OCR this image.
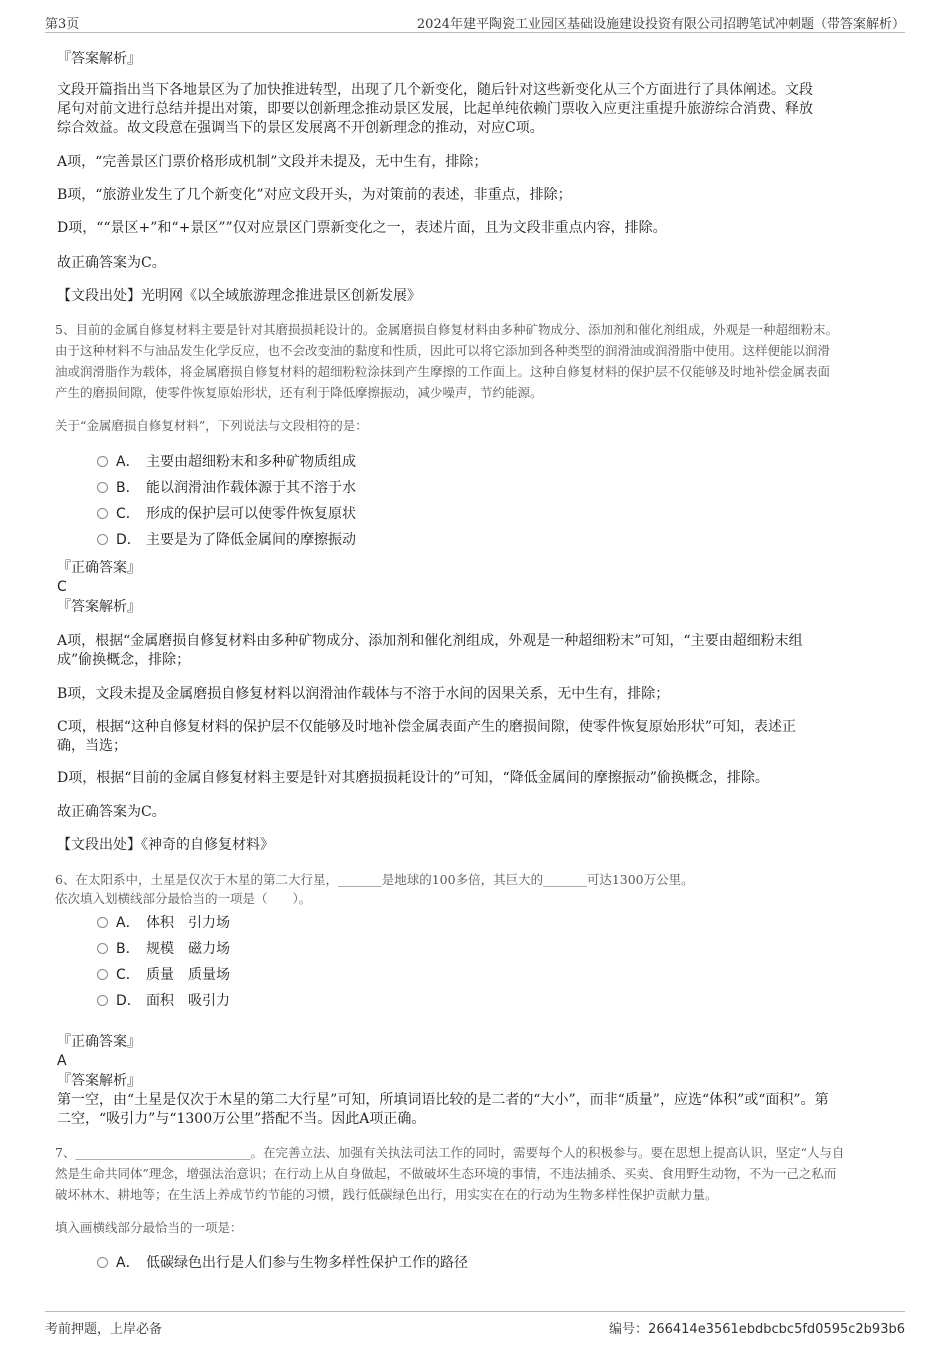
第3页	2024年建平陶瓷工业园区基础设施建设投资有限公司招聘笔试冲刺题（带答案解析）
『答案解析』
文段开篇指出当下各地景区为了加快推进转型，出现了几个新变化，随后针对这些新变化从三个方面进行了具体阐述。文段
尾句对前文进行总结并提出对策，即要以创新理念推动景区发展，比起单纯依赖门票收入应更注重提升旅游综合消费、释放
综合效益。故文段意在强调当下的景区发展离不开创新理念的推动，对应C项。
A项，“完善景区门票价格形成机制”文段并未提及，无中生有，排除；
B项，“旅游业发生了几个新变化”对应文段开头，为对策前的表述，非重点，排除；
D项，““景区+”和“+景区””仅对应景区门票新变化之一，表述片面，且为文段非重点内容，排除。
故正确答案为C。
【文段出处】光明网《以全域旅游理念推进景区创新发展》
5、目前的金属自修复材料主要是针对其磨损损耗设计的。金属磨损自修复材料由多种矿物成分、添加剂和催化剂组成，外观是一种超细粉末。
由于这种材料不与油品发生化学反应，也不会改变油的黏度和性质，因此可以将它添加到各种类型的润滑油或润滑脂中使用。这样便能以润滑
油或润滑脂作为载体，将金属磨损自修复材料的超细粉粒涂抹到产生摩擦的工作面上。这种自修复材料的保护层不仅能够及时地补偿金属表面
产生的磨损间隙，使零件恢复原始形状，还有利于降低摩擦振动，减少噪声，节约能源。
关于“金属磨损自修复材料”，下列说法与文段相符的是：
A． 主要由超细粉末和多种矿物质组成
B． 能以润滑油作载体源于其不溶于水
C． 形成的保护层可以使零件恢复原状
D． 主要是为了降低金属间的摩擦振动
『正确答案』
C
『答案解析』
A项，根据“金属磨损自修复材料由多种矿物成分、添加剂和催化剂组成，外观是一种超细粉末”可知，“主要由超细粉末组
成”偷换概念，排除；
B项，文段未提及金属磨损自修复材料以润滑油作载体与不溶于水间的因果关系，无中生有，排除；
C项，根据“这种自修复材料的保护层不仅能够及时地补偿金属表面产生的磨损间隙，使零件恢复原始形状”可知，表述正
确，当选；
D项，根据“目前的金属自修复材料主要是针对其磨损损耗设计的”可知，“降低金属间的摩擦振动”偷换概念，排除。
故正确答案为C。
【文段出处】《神奇的自修复材料》
6、在太阳系中，土星是仅次于木星的第二大行星，_______是地球的100多倍，其巨大的_______可达1300万公里。
依次填入划横线部分最恰当的一项是（　　）。
A． 体积　引力场
B． 规模　磁力场
C． 质量　质量场
D． 面积　吸引力
『正确答案』
A
『答案解析』
第一空，由“土星是仅次于木星的第二大行星”可知，所填词语比较的是二者的“大小”，而非“质量”，应选“体积”或“面积”。第
二空，“吸引力”与“1300万公里”搭配不当。因此A项正确。
7、____________________________。在完善立法、加强有关执法司法工作的同时，需要每个人的积极参与。要在思想上提高认识，坚定“人与自
然是生命共同体”理念，增强法治意识；在行动上从自身做起，不做破坏生态环境的事情，不违法捕杀、买卖、食用野生动物，不为一己之私而
破坏林木、耕地等；在生活上养成节约节能的习惯，践行低碳绿色出行，用实实在在的行动为生物多样性保护贡献力量。
填入画横线部分最恰当的一项是：
A． 低碳绿色出行是人们参与生物多样性保护工作的路径
考前押题，上岸必备	编号：266414e3561ebdbcbc5fd0595c2b93b6
